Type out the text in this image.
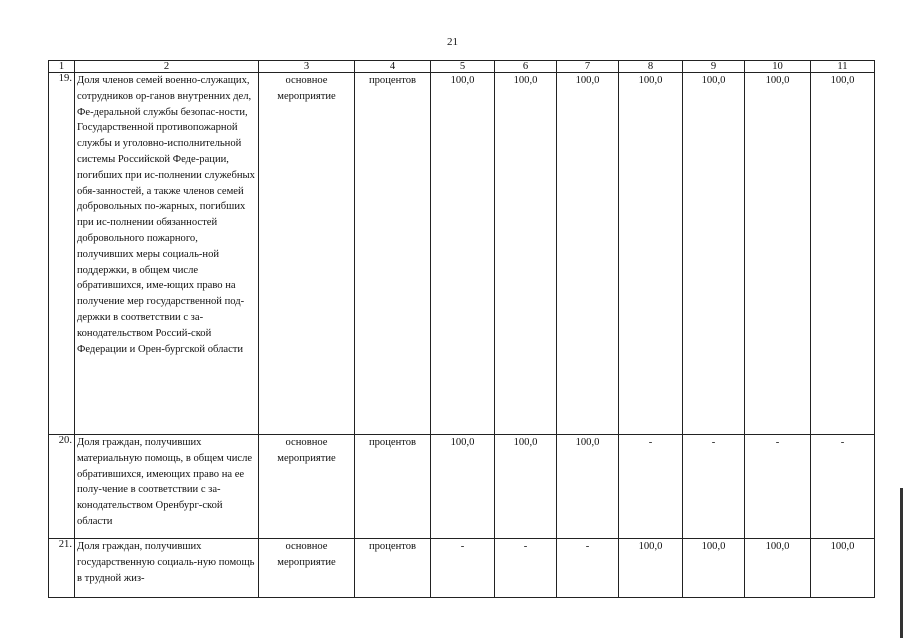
21
1	2	3	4	5	6	7	8	9	10	11
19.	Доля членов семей военно-служащих, сотрудников ор-ганов внутренних дел, Фе-деральной службы безопас-ности, Государственной противопожарной службы и уголовно-исполнительной системы Российской Феде-рации, погибших при ис-полнении служебных обя-занностей, а также членов семей добровольных по-жарных, погибших при ис-полнении обязанностей добровольного пожарного, получивших меры социаль-ной поддержки, в общем числе обратившихся, име-ющих право на получение мер государственной под-держки в соответствии с за-конодательством Россий-ской Федерации и Орен-бургской области	основное мероприятие	процентов	100,0	100,0	100,0	100,0	100,0	100,0	100,0
20.	Доля граждан, получивших материальную помощь, в общем числе обратившихся, имеющих право на ее полу-чение в соответствии с за-конодательством Оренбург-ской области	основное мероприятие	процентов	100,0	100,0	100,0	-	-	-	-
21.	Доля граждан, получивших государственную социаль-ную помощь в трудной жиз-	основное мероприятие	процентов	-	-	-	100,0	100,0	100,0	100,0
